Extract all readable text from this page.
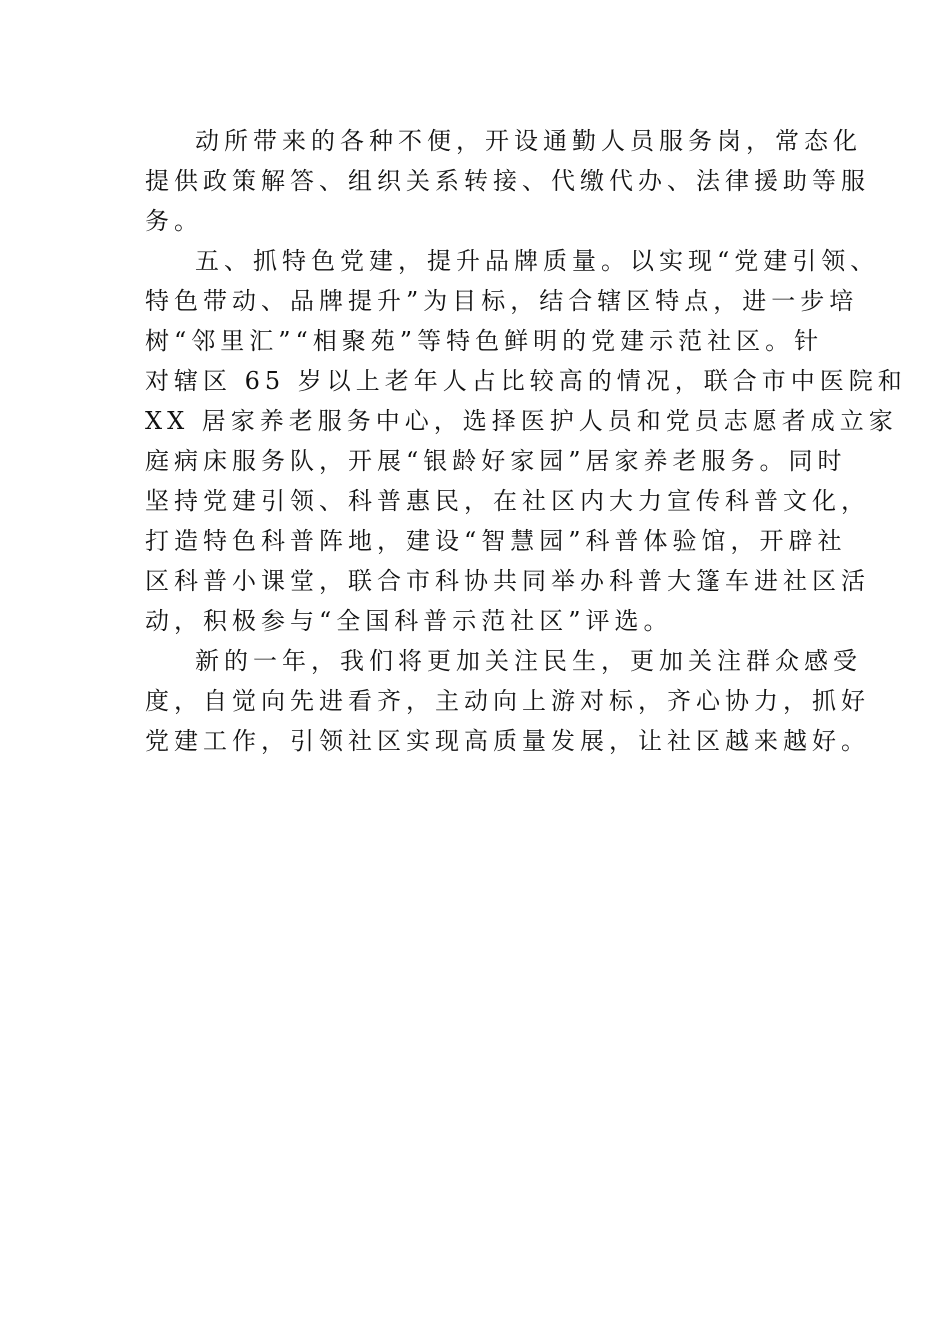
动所带来的各种不便，开设通勤人员服务岗，常态化
提供政策解答、组织关系转接、代缴代办、法律援助等服
务。
五、抓特色党建，提升品牌质量。以实现“党建引领、
特色带动、品牌提升”为目标，结合辖区特点，进一步培
树“邻里汇”“相聚苑”等特色鲜明的党建示范社区。针
对辖区 65 岁以上老年人占比较高的情况，联合市中医院和
XX 居家养老服务中心，选择医护人员和党员志愿者成立家
庭病床服务队，开展“银龄好家园”居家养老服务。同时
坚持党建引领、科普惠民，在社区内大力宣传科普文化，
打造特色科普阵地，建设“智慧园”科普体验馆，开辟社
区科普小课堂，联合市科协共同举办科普大篷车进社区活
动，积极参与“全国科普示范社区”评选。
新的一年，我们将更加关注民生，更加关注群众感受
度，自觉向先进看齐，主动向上游对标，齐心协力，抓好
党建工作，引领社区实现高质量发展，让社区越来越好。
